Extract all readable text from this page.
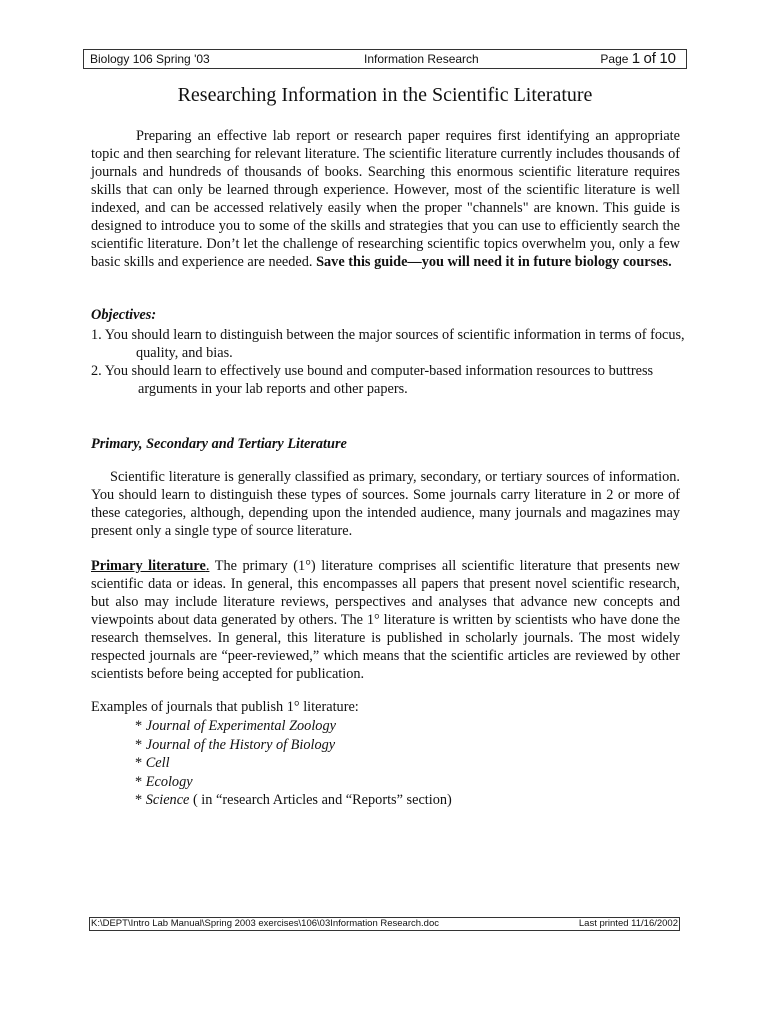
Biology 106 Spring '03	Information Research	Page 1 of 10
Researching Information in the Scientific Literature
Preparing an effective lab report or research paper requires first identifying an appropriate topic and then searching for relevant literature. The scientific literature currently includes thousands of journals and hundreds of thousands of books. Searching this enormous scientific literature requires skills that can only be learned through experience. However, most of the scientific literature is well indexed, and can be accessed relatively easily when the proper "channels" are known. This guide is designed to introduce you to some of the skills and strategies that you can use to efficiently search the scientific literature. Don’t let the challenge of researching scientific topics overwhelm you, only a few basic skills and experience are needed. Save this guide—you will need it in future biology courses.
Objectives:
1. You should learn to distinguish between the major sources of scientific information in terms of focus, quality, and bias.
2. You should learn to effectively use bound and computer-based information resources to buttress arguments in your lab reports and other papers.
Primary, Secondary and Tertiary Literature
Scientific literature is generally classified as primary, secondary, or tertiary sources of information. You should learn to distinguish these types of sources. Some journals carry literature in 2 or more of these categories, although, depending upon the intended audience, many journals and magazines may present only a single type of source literature.
Primary literature. The primary (1°) literature comprises all scientific literature that presents new scientific data or ideas. In general, this encompasses all papers that present novel scientific research, but also may include literature reviews, perspectives and analyses that advance new concepts and viewpoints about data generated by others. The 1° literature is written by scientists who have done the research themselves. In general, this literature is published in scholarly journals. The most widely respected journals are “peer-reviewed,” which means that the scientific articles are reviewed by other scientists before being accepted for publication.
Examples of journals that publish 1° literature:
* Journal of Experimental Zoology
* Journal of the History of Biology
* Cell
* Ecology
* Science ( in “research Articles and “Reports” section)
K:\DEPT\Intro Lab Manual\Spring 2003 exercises\106\03Information Research.doc	Last printed 11/16/2002
